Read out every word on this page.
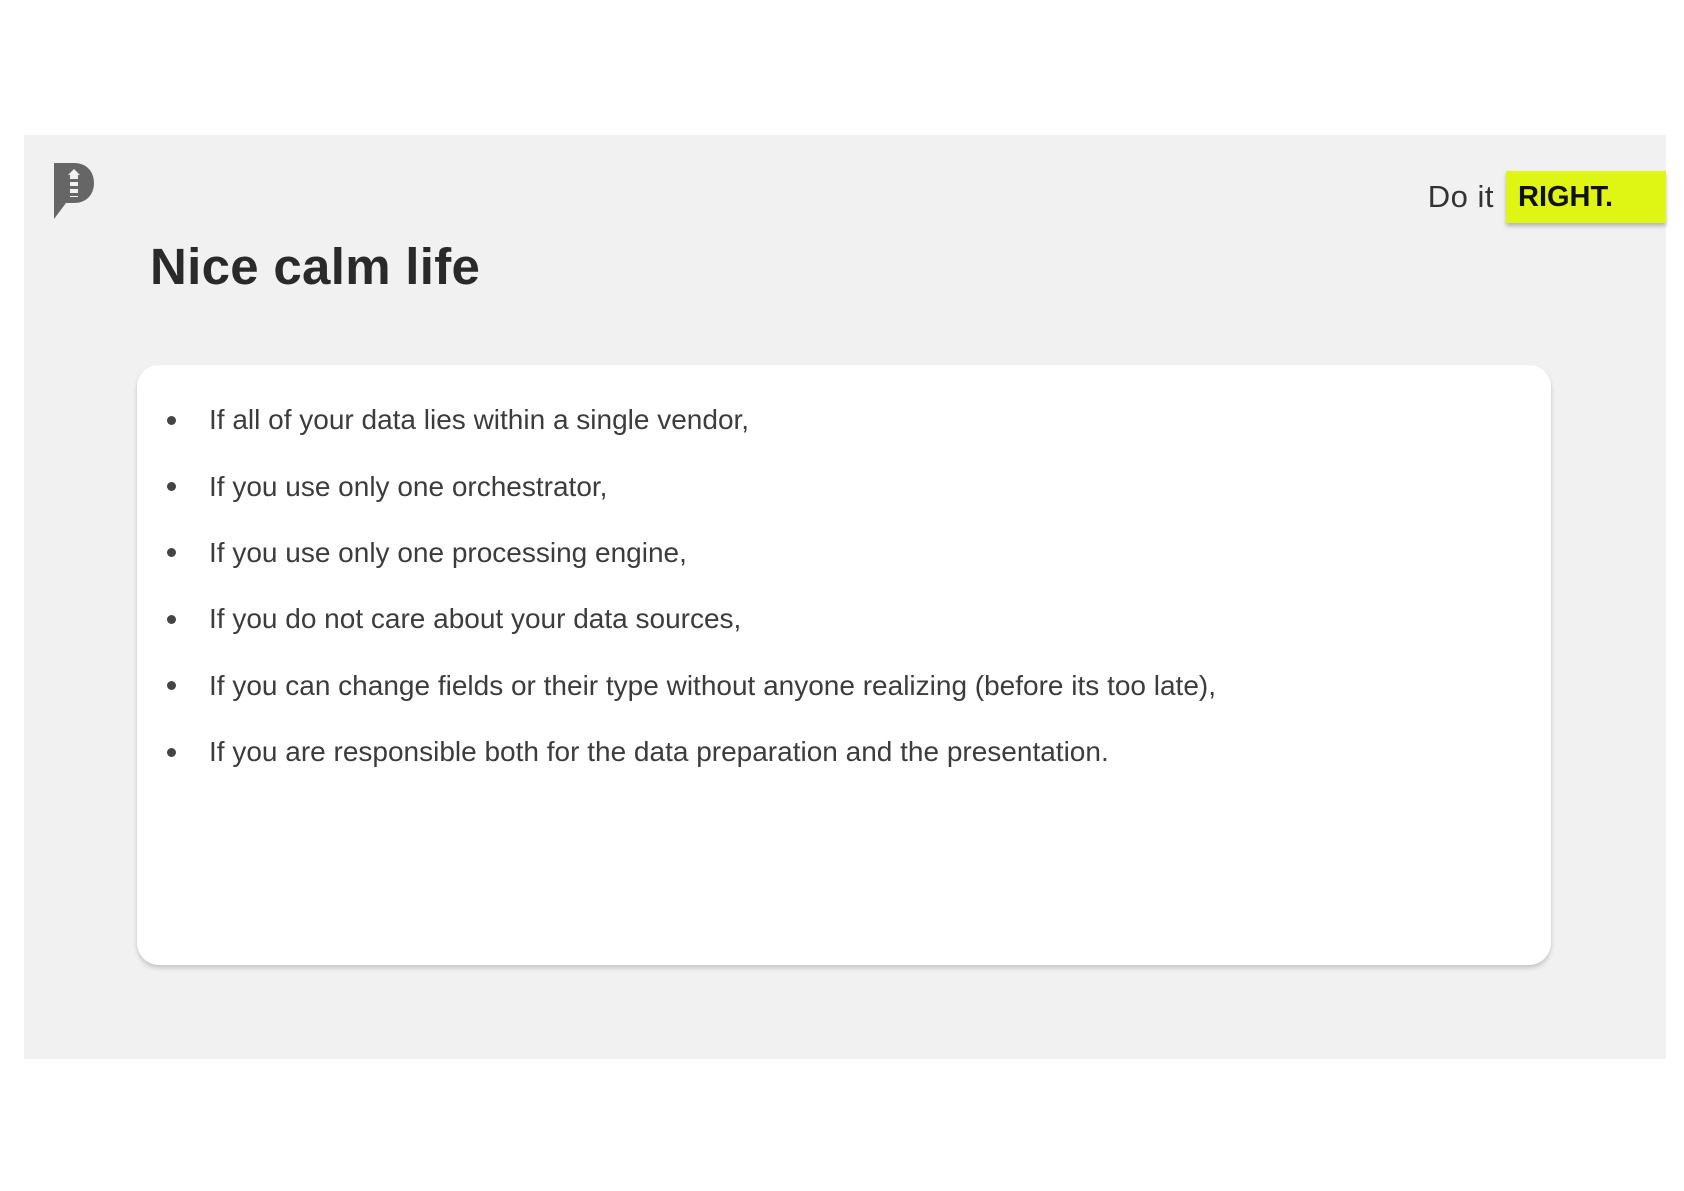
Do it RIGHT.
Nice calm life
If all of your data lies within a single vendor,
If you use only one orchestrator,
If you use only one processing engine,
If you do not care about your data sources,
If you can change fields or their type without anyone realizing (before its too late),
If you are responsible both for the data preparation and the presentation.
